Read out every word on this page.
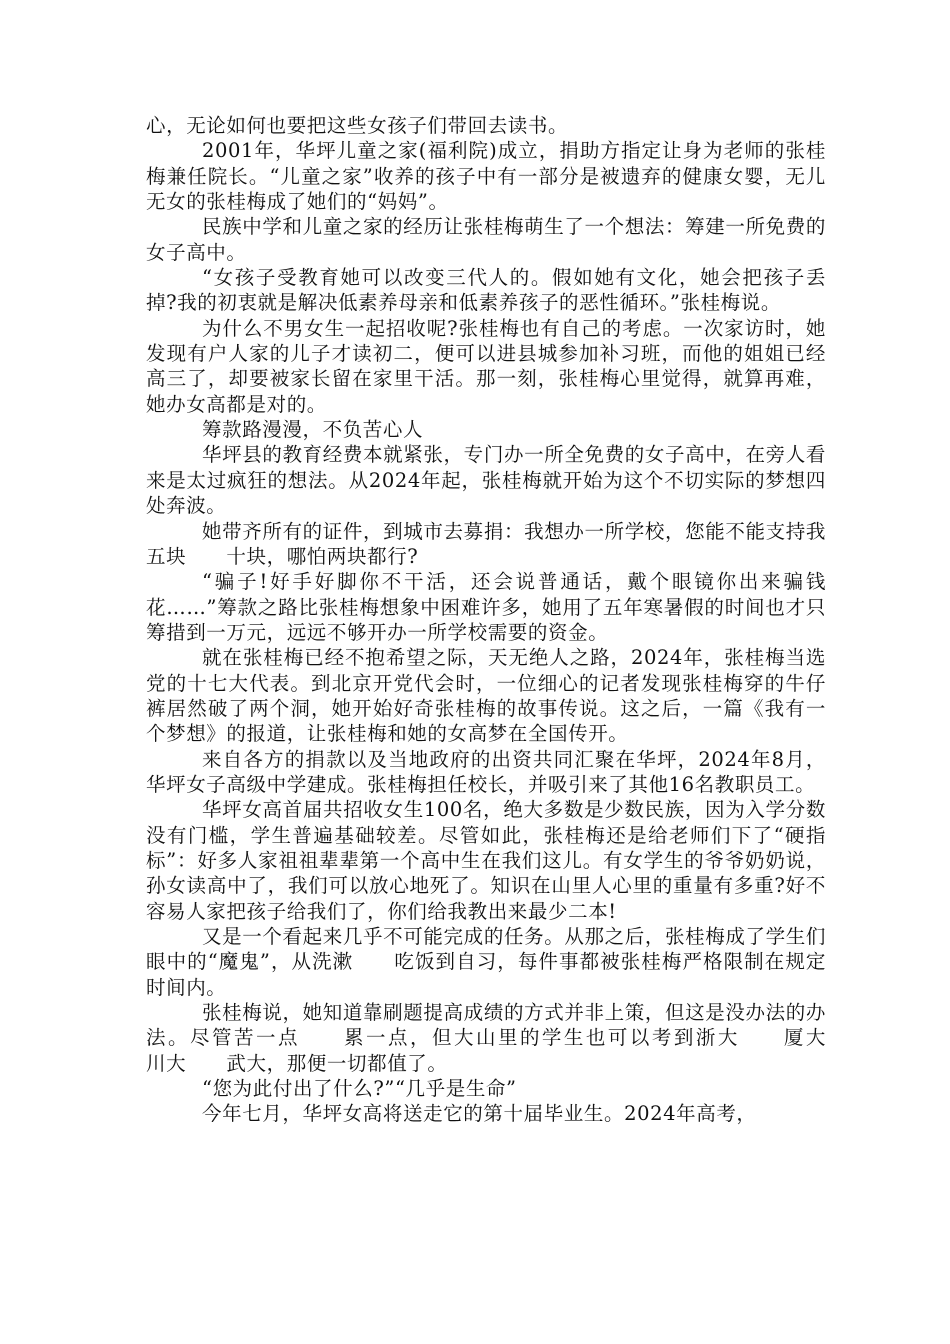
心，无论如何也要把这些女孩子们带回去读书。

2001年，华坪儿童之家(福利院)成立，捐助方指定让身为老师的张桂梅兼任院长。“儿童之家”收养的孩子中有一部分是被遗弃的健康女婴，无儿无女的张桂梅成了她们的“妈妈”。

民族中学和儿童之家的经历让张桂梅萌生了一个想法：筹建一所免费的女子高中。

“女孩子受教育她可以改变三代人的。假如她有文化，她会把孩子丢掉?我的初衷就是解决低素养母亲和低素养孩子的恶性循环。”张桂梅说。

为什么不男女生一起招收呢?张桂梅也有自己的考虑。一次家访时，她发现有户人家的儿子才读初二，便可以进县城参加补习班，而他的姐姐已经高三了，却要被家长留在家里干活。那一刻，张桂梅心里觉得，就算再难，她办女高都是对的。

筹款路漫漫，不负苦心人

华坪县的教育经费本就紧张，专门办一所全免费的女子高中，在旁人看来是太过疯狂的想法。从2024年起，张桂梅就开始为这个不切实际的梦想四处奔波。

她带齐所有的证件，到城市去募捐：我想办一所学校，您能不能支持我五块　　十块，哪怕两块都行?

“骗子!好手好脚你不干活，还会说普通话，戴个眼镜你出来骗钱花……”筹款之路比张桂梅想象中困难许多，她用了五年寒暑假的时间也才只筹措到一万元，远远不够开办一所学校需要的资金。

就在张桂梅已经不抱希望之际，天无绝人之路，2024年，张桂梅当选党的十七大代表。到北京开党代会时，一位细心的记者发现张桂梅穿的牛仔裤居然破了两个洞，她开始好奇张桂梅的故事传说。这之后，一篇《我有一个梦想》的报道，让张桂梅和她的女高梦在全国传开。

来自各方的捐款以及当地政府的出资共同汇聚在华坪，2024年8月，华坪女子高级中学建成。张桂梅担任校长，并吸引来了其他16名教职员工。

华坪女高首届共招收女生100名，绝大多数是少数民族，因为入学分数没有门槛，学生普遍基础较差。尽管如此，张桂梅还是给老师们下了“硬指标”：好多人家祖祖辈辈第一个高中生在我们这儿。有女学生的爷爷奶奶说，孙女读高中了，我们可以放心地死了。知识在山里人心里的重量有多重?好不容易人家把孩子给我们了，你们给我教出来最少二本!

又是一个看起来几乎不可能完成的任务。从那之后，张桂梅成了学生们眼中的“魔鬼”，从洗漱　　吃饭到自习，每件事都被张桂梅严格限制在规定时间内。

张桂梅说，她知道靠刷题提高成绩的方式并非上策，但这是没办法的办法。尽管苦一点　　累一点，但大山里的学生也可以考到浙大　　厦大　　川大　　武大，那便一切都值了。

“您为此付出了什么?”“几乎是生命”

今年七月，华坪女高将送走它的第十届毕业生。2024年高考，
